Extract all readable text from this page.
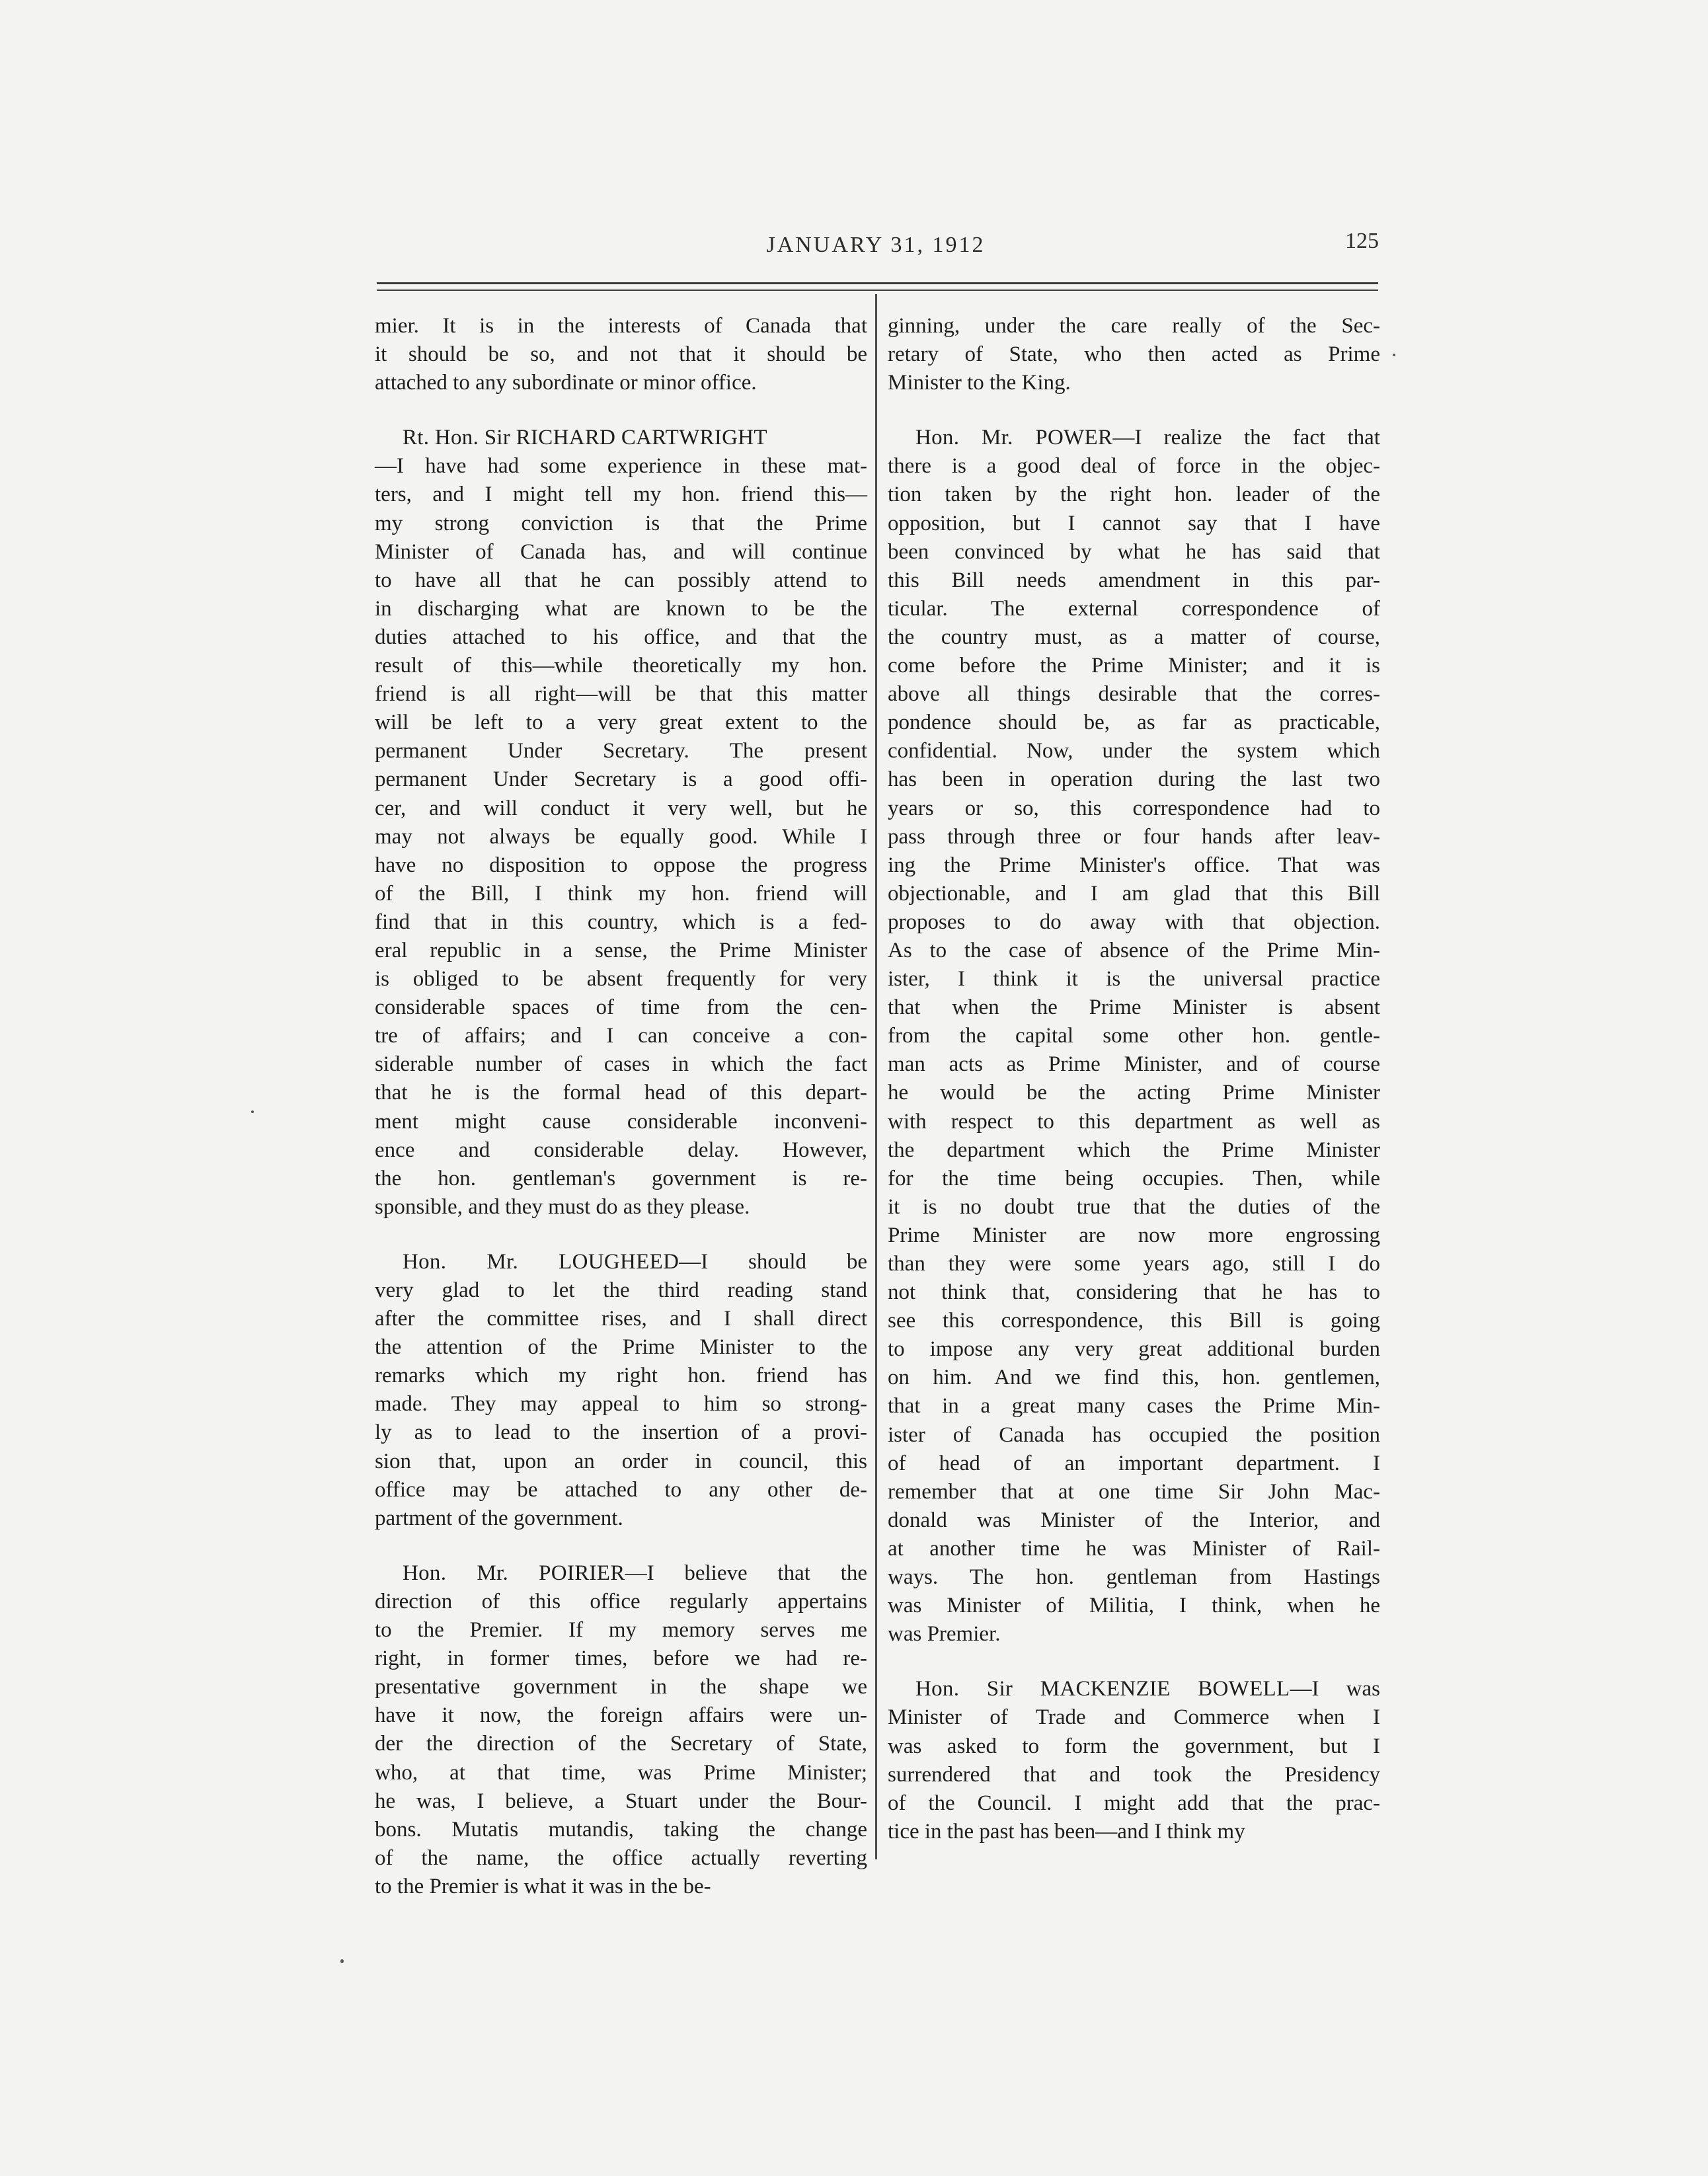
JANUARY 31, 1912	125
mier. It is in the interests of Canada that
it should be so, and not that it should be
attached to any subordinate or minor office.
Rt. Hon. Sir RICHARD CARTWRIGHT
—I have had some experience in these mat-
ters, and I might tell my hon. friend this—
my strong conviction is that the Prime
Minister of Canada has, and will continue
to have all that he can possibly attend to
in discharging what are known to be the
duties attached to his office, and that the
result of this—while theoretically my hon.
friend is all right—will be that this matter
will be left to a very great extent to the
permanent Under Secretary. The present
permanent Under Secretary is a good offi-
cer, and will conduct it very well, but he
may not always be equally good. While I
have no disposition to oppose the progress
of the Bill, I think my hon. friend will
find that in this country, which is a fed-
eral republic in a sense, the Prime Minister
is obliged to be absent frequently for very
considerable spaces of time from the cen-
tre of affairs; and I can conceive a con-
siderable number of cases in which the fact
that he is the formal head of this depart-
ment might cause considerable inconveni-
ence and considerable delay. However,
the hon. gentleman's government is re-
sponsible, and they must do as they please.
Hon. Mr. LOUGHEED—I should be
very glad to let the third reading stand
after the committee rises, and I shall direct
the attention of the Prime Minister to the
remarks which my right hon. friend has
made. They may appeal to him so strong-
ly as to lead to the insertion of a provi-
sion that, upon an order in council, this
office may be attached to any other de-
partment of the government.
Hon. Mr. POIRIER—I believe that the
direction of this office regularly appertains
to the Premier. If my memory serves me
right, in former times, before we had re-
presentative government in the shape we
have it now, the foreign affairs were un-
der the direction of the Secretary of State,
who, at that time, was Prime Minister;
he was, I believe, a Stuart under the Bour-
bons. Mutatis mutandis, taking the change
of the name, the office actually reverting
to the Premier is what it was in the be-
ginning, under the care really of the Sec-
retary of State, who then acted as Prime
Minister to the King.
Hon. Mr. POWER—I realize the fact that
there is a good deal of force in the objec-
tion taken by the right hon. leader of the
opposition, but I cannot say that I have
been convinced by what he has said that
this Bill needs amendment in this par-
ticular. The external correspondence of
the country must, as a matter of course,
come before the Prime Minister; and it is
above all things desirable that the corres-
pondence should be, as far as practicable,
confidential. Now, under the system which
has been in operation during the last two
years or so, this correspondence had to
pass through three or four hands after leav-
ing the Prime Minister's office. That was
objectionable, and I am glad that this Bill
proposes to do away with that objection.
As to the case of absence of the Prime Min-
ister, I think it is the universal practice
that when the Prime Minister is absent
from the capital some other hon. gentle-
man acts as Prime Minister, and of course
he would be the acting Prime Minister
with respect to this department as well as
the department which the Prime Minister
for the time being occupies. Then, while
it is no doubt true that the duties of the
Prime Minister are now more engrossing
than they were some years ago, still I do
not think that, considering that he has to
see this correspondence, this Bill is going
to impose any very great additional burden
on him. And we find this, hon. gentlemen,
that in a great many cases the Prime Min-
ister of Canada has occupied the position
of head of an important department. I
remember that at one time Sir John Mac-
donald was Minister of the Interior, and
at another time he was Minister of Rail-
ways. The hon. gentleman from Hastings
was Minister of Militia, I think, when he
was Premier.
Hon. Sir MACKENZIE BOWELL—I was
Minister of Trade and Commerce when I
was asked to form the government, but I
surrendered that and took the Presidency
of the Council. I might add that the prac-
tice in the past has been—and I think my
